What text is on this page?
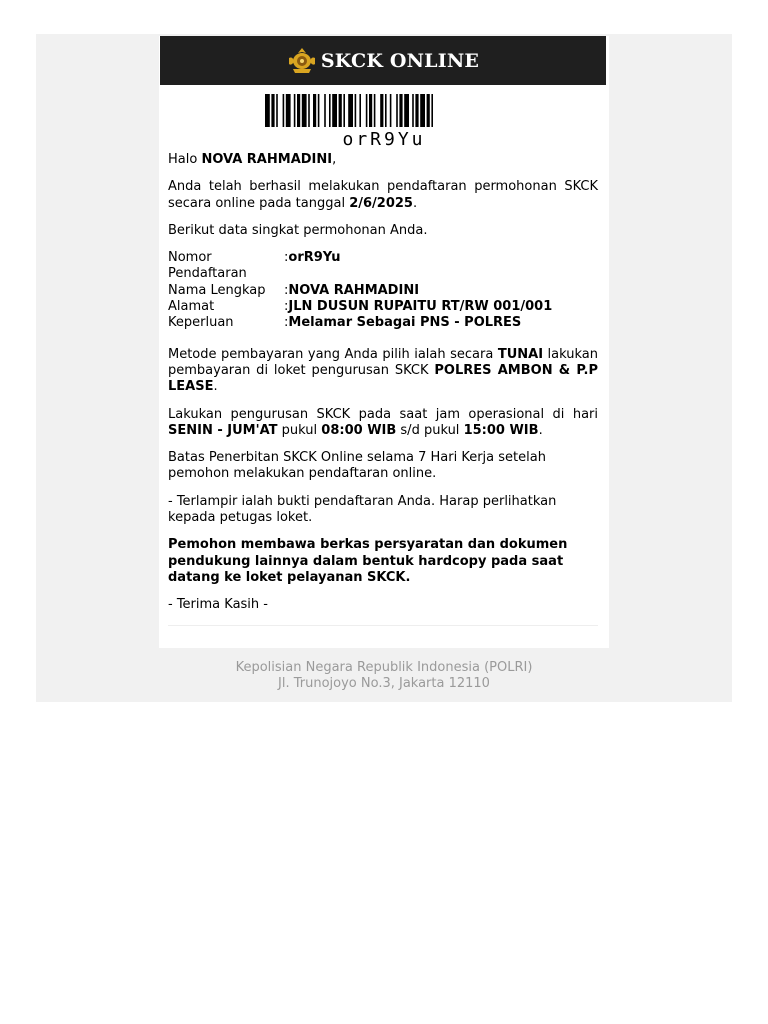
SKCK ONLINE
orR9Yu

Halo NOVA RAHMADINI,

Anda telah berhasil melakukan pendaftaran permohonan SKCK secara online pada tanggal 2/6/2025.

Berikut data singkat permohonan Anda.

Nomor Pendaftaran	:	orR9Yu
Nama Lengkap	:	NOVA RAHMADINI
Alamat	:	JLN DUSUN RUPAITU RT/RW 001/001
Keperluan	:	Melamar Sebagai PNS - POLRES

Metode pembayaran yang Anda pilih ialah secara TUNAI lakukan pembayaran di loket pengurusan SKCK POLRES AMBON & P.P LEASE.

Lakukan pengurusan SKCK pada saat jam operasional di hari SENIN - JUM'AT pukul 08:00 WIB s/d pukul 15:00 WIB.

Batas Penerbitan SKCK Online selama 7 Hari Kerja setelah pemohon melakukan pendaftaran online.

- Terlampir ialah bukti pendaftaran Anda. Harap perlihatkan kepada petugas loket.

Pemohon membawa berkas persyaratan dan dokumen pendukung lainnya dalam bentuk hardcopy pada saat datang ke loket pelayanan SKCK.

- Terima Kasih -

Kepolisian Negara Republik Indonesia (POLRI)
Jl. Trunojoyo No.3, Jakarta 12110
